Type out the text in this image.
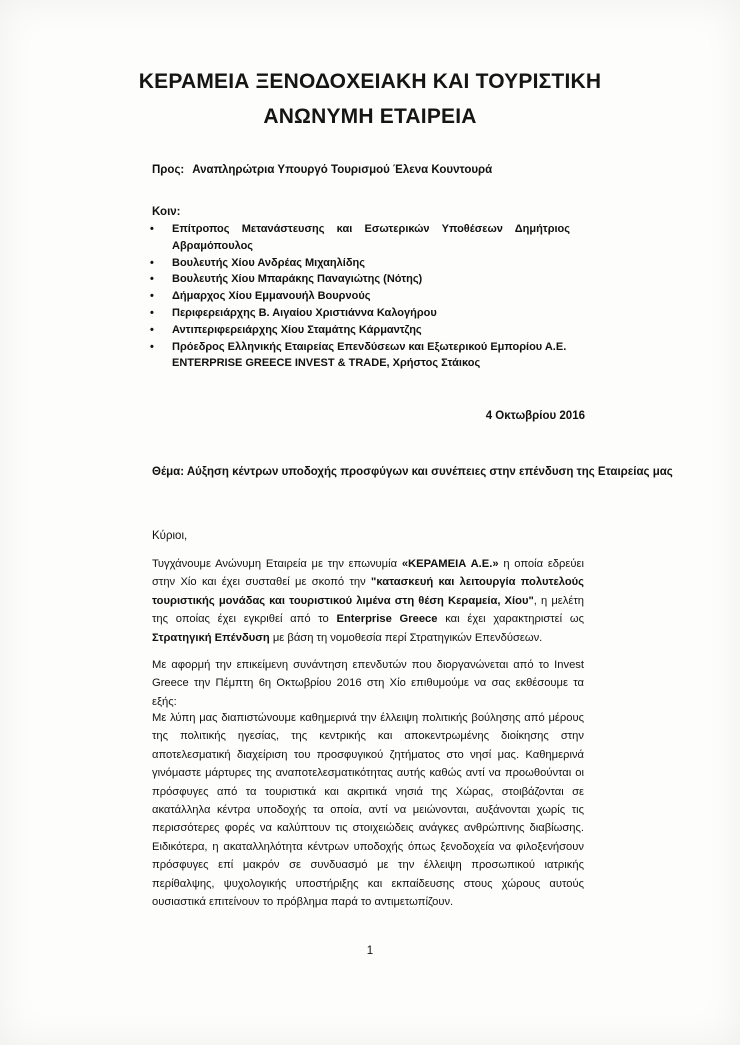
ΚΕΡΑΜΕΙΑ ΞΕΝΟΔΟΧΕΙΑΚΗ ΚΑΙ ΤΟΥΡΙΣΤΙΚΗ
ΑΝΩΝΥΜΗ ΕΤΑΙΡΕΙΑ
Προς: Αναπληρώτρια Υπουργό Τουρισμού Έλενα Κουντουρά
Κοιν:
• Επίτροπος Μετανάστευσης και Εσωτερικών Υποθέσεων Δημήτριος
Αβραμόπουλος
• Βουλευτής Χίου Ανδρέας Μιχαηλίδης
• Βουλευτής Χίου Μπαράκης Παναγιώτης (Νότης)
• Δήμαρχος Χίου Εμμανουήλ Βουρνούς
• Περιφερειάρχης Β. Αιγαίου Χριστιάννα Καλογήρου
• Αντιπεριφερειάρχης Χίου Σταμάτης Κάρμαντζης
• Πρόεδρος Ελληνικής Εταιρείας Επενδύσεων και Εξωτερικού Εμπορίου Α.Ε.
ENTERPRISE GREECE INVEST & TRADE, Χρήστος Στάικος
4 Οκτωβρίου 2016
Θέμα: Αύξηση κέντρων υποδοχής προσφύγων και συνέπειες στην επένδυση της Εταιρείας μας
Κύριοι,
Τυγχάνουμε Ανώνυμη Εταιρεία με την επωνυμία «ΚΕΡΑΜΕΙΑ Α.Ε.» η οποία εδρεύει στην Χίο και έχει συσταθεί με σκοπό την "κατασκευή και λειτουργία πολυτελούς τουριστικής μονάδας και τουριστικού λιμένα στη θέση Κεραμεία, Χίου", η μελέτη της οποίας έχει εγκριθεί από το Enterprise Greece και έχει χαρακτηριστεί ως Στρατηγική Επένδυση με βάση τη νομοθεσία περί Στρατηγικών Επενδύσεων.
Με αφορμή την επικείμενη συνάντηση επενδυτών που διοργανώνεται από το Invest Greece την Πέμπτη 6η Οκτωβρίου 2016 στη Χίο επιθυμούμε να σας εκθέσουμε τα εξής:
Με λύπη μας διαπιστώνουμε καθημερινά την έλλειψη πολιτικής βούλησης από μέρους της πολιτικής ηγεσίας, της κεντρικής και αποκεντρωμένης διοίκησης στην αποτελεσματική διαχείριση του προσφυγικού ζητήματος στο νησί μας. Καθημερινά γινόμαστε μάρτυρες της αναποτελεσματικότητας αυτής καθώς αντί να προωθούνται οι πρόσφυγες από τα τουριστικά και ακριτικά νησιά της Χώρας, στοιβάζονται σε ακατάλληλα κέντρα υποδοχής τα οποία, αντί να μειώνονται, αυξάνονται χωρίς τις περισσότερες φορές να καλύπτουν τις στοιχειώδεις ανάγκες ανθρώπινης διαβίωσης. Ειδικότερα, η ακαταλληλότητα κέντρων υποδοχής όπως ξενοδοχεία να φιλοξενήσουν πρόσφυγες επί μακρόν σε συνδυασμό με την έλλειψη προσωπικού ιατρικής περίθαλψης, ψυχολογικής υποστήριξης και εκπαίδευσης στους χώρους αυτούς ουσιαστικά επιτείνουν το πρόβλημα παρά το αντιμετωπίζουν.
1
